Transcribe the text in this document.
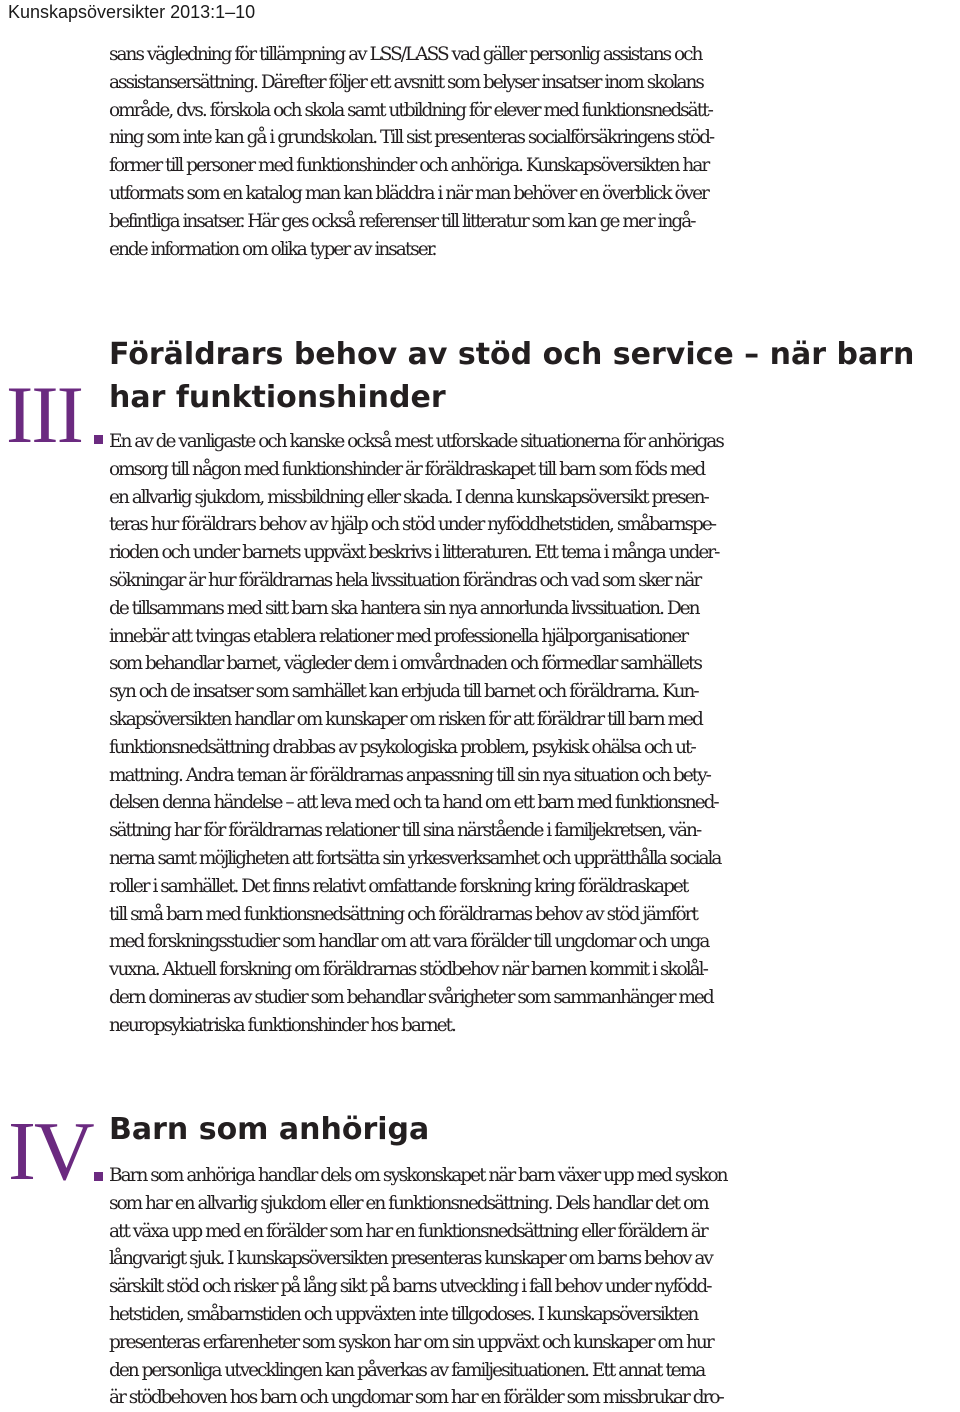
Kunskapsöversikter 2013:1–10

sans vägledning för tillämpning av LSS/LASS vad gäller personlig assistans och
assistansersättning. Därefter följer ett avsnitt som belyser insatser inom skolans
område, dvs. förskola och skola samt utbildning för elever med funktionsnedsätt-
ning som inte kan gå i grundskolan. Till sist presenteras socialförsäkringens stöd-
former till personer med funktionshinder och anhöriga. Kunskapsöversikten har
utformats som en katalog man kan bläddra i när man behöver en överblick över
befintliga insatser. Här ges också referenser till litteratur som kan ge mer ingå-
ende information om olika typer av insatser.

III
Föräldrars behov av stöd och service – när barn
har funktionshinder

En av de vanligaste och kanske också mest utforskade situationerna för anhörigas
omsorg till någon med funktionshinder är föräldraskapet till barn som föds med
en allvarlig sjukdom, missbildning eller skada. I denna kunskapsöversikt presen-
teras hur föräldrars behov av hjälp och stöd under nyföddhetstiden, småbarnspe-
rioden och under barnets uppväxt beskrivs i litteraturen. Ett tema i många under-
sökningar är hur föräldrarnas hela livssituation förändras och vad som sker när
de tillsammans med sitt barn ska hantera sin nya annorlunda livssituation. Den
innebär att tvingas etablera relationer med professionella hjälporganisationer
som behandlar barnet, vägleder dem i omvårdnaden och förmedlar samhällets
syn och de insatser som samhället kan erbjuda till barnet och föräldrarna. Kun-
skapsöversikten handlar om kunskaper om risken för att föräldrar till barn med
funktionsnedsättning drabbas av psykologiska problem, psykisk ohälsa och ut-
mattning. Andra teman är föräldrarnas anpassning till sin nya situation och bety-
delsen denna händelse – att leva med och ta hand om ett barn med funktionsned-
sättning har för föräldrarnas relationer till sina närstående i familjekretsen, vän-
nerna samt möjligheten att fortsätta sin yrkesverksamhet och upprätthålla sociala
roller i samhället. Det finns relativt omfattande forskning kring föräldraskapet
till små barn med funktionsnedsättning och föräldrarnas behov av stöd jämfört
med forskningsstudier som handlar om att vara förälder till ungdomar och unga
vuxna. Aktuell forskning om föräldrarnas stödbehov när barnen kommit i skolål-
dern domineras av studier som behandlar svårigheter som sammanhänger med
neuropsykiatriska funktionshinder hos barnet.

IV Barn som anhöriga

Barn som anhöriga handlar dels om syskonskapet när barn växer upp med syskon
som har en allvarlig sjukdom eller en funktionsnedsättning. Dels handlar det om
att växa upp med en förälder som har en funktionsnedsättning eller föräldern är
långvarigt sjuk. I kunskapsöversikten presenteras kunskaper om barns behov av
särskilt stöd och risker på lång sikt på barns utveckling i fall behov under nyfödd-
hetstiden, småbarnstiden och uppväxten inte tillgodoses. I kunskapsöversikten
presenteras erfarenheter som syskon har om sin uppväxt och kunskaper om hur
den personliga utvecklingen kan påverkas av familjesituationen. Ett annat tema
är stödbehoven hos barn och ungdomar som har en förälder som missbrukar dro-
